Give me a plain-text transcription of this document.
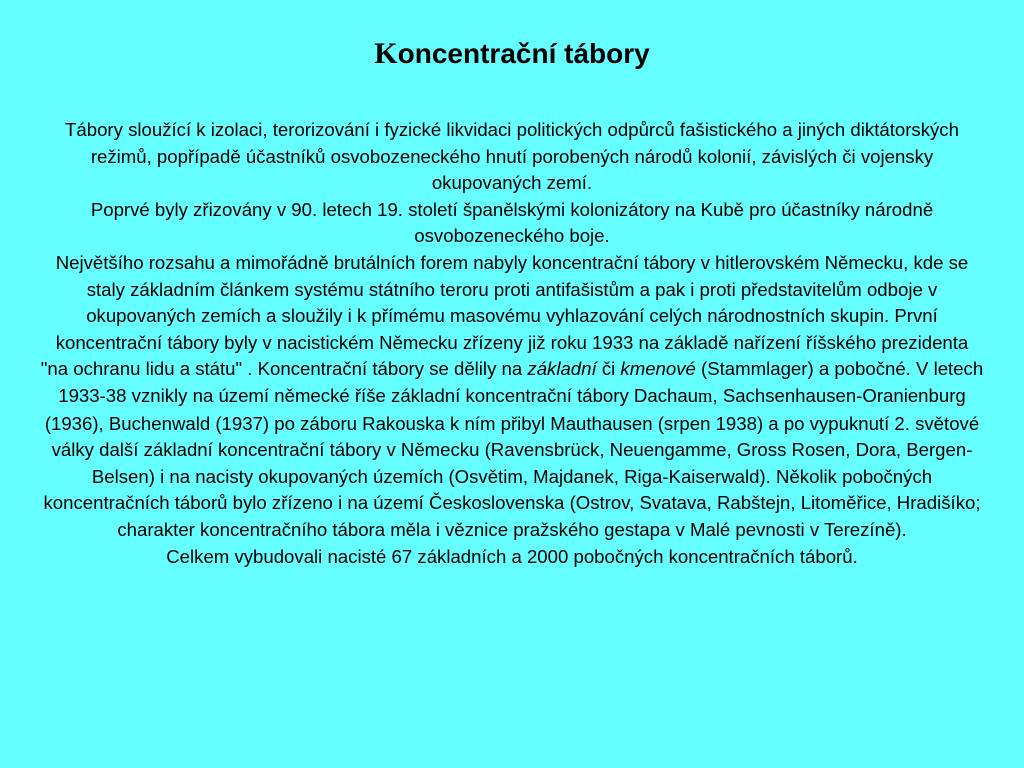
Koncentrační tábory

Tábory sloužící k izolaci, terorizování i fyzické likvidaci politických odpůrců fašistického a jiných diktátorských režimů, popřípadě účastníků osvobozeneckého hnutí porobených národů kolonií, závislých či vojensky okupovaných zemí.

Poprvé byly zřizovány v 90. letech 19. století španělskými kolonizátory na Kubě pro účastníky národně osvobozeneckého boje.

Největšího rozsahu a mimořádně brutálních forem nabyly koncentrační tábory v hitlerovském Německu, kde se staly základním článkem systému státního teroru proti antifašistům a pak i proti představitelům odboje v okupovaných zemích a sloužily i k přímému masovému vyhlazování celých národnostních skupin. První koncentrační tábory byly v nacistickém Německu zřízeny již roku 1933 na základě nařízení říšského prezidenta "na ochranu lidu a státu" . Koncentrační tábory se dělily na základní či kmenové (Stammlager) a pobočné. V letech 1933-38 vznikly na území německé říše základní koncentrační tábory Dachaum, Sachsenhausen-Oranienburg (1936), Buchenwald (1937) po záboru Rakouska k ním přibyl Mauthausen (srpen 1938) a po vypuknutí 2. světové války další základní koncentrační tábory v Německu (Ravensbrück, Neuengamme, Gross Rosen, Dora, Bergen-Belsen) i na nacisty okupovaných územích (Osvětim, Majdanek, Riga-Kaiserwald). Několik pobočných koncentračních táborů bylo zřízeno i na území Československa (Ostrov, Svatava, Rabštejn, Litoměřice, Hradišíko; charakter koncentračního tábora měla i věznice pražského gestapa v Malé pevnosti v Terezíně).

Celkem vybudovali nacisté 67 základních a 2000 pobočných koncentračních táborů.
